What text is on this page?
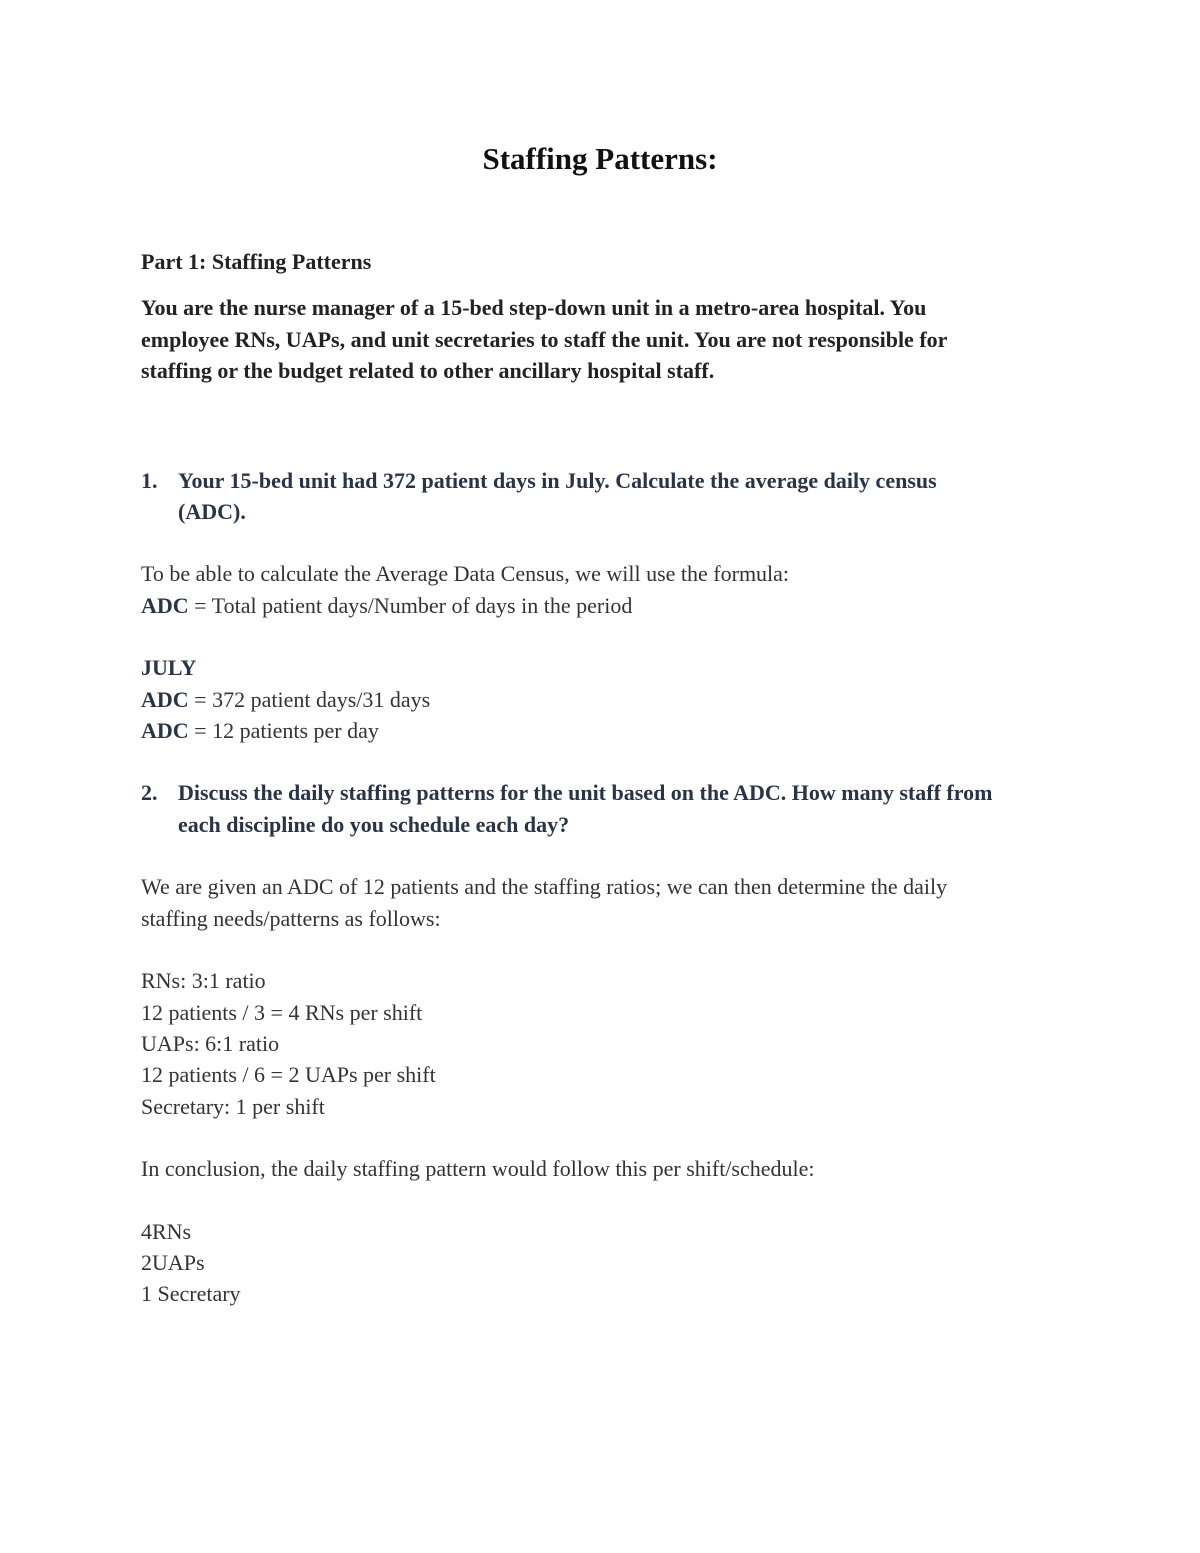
Staffing Patterns:

Part 1: Staffing Patterns

You are the nurse manager of a 15-bed step-down unit in a metro-area hospital. You

employee RNs, UAPs, and unit secretaries to staff the unit. You are not responsible for

staffing or the budget related to other ancillary hospital staff.

1. Your 15-bed unit had 372 patient days in July. Calculate the average daily census

(ADC).

To be able to calculate the Average Data Census, we will use the formula:

ADC = Total patient days/Number of days in the period

JULY

ADC = 372 patient days/31 days

ADC = 12 patients per day

2. Discuss the daily staffing patterns for the unit based on the ADC. How many staff from

each discipline do you schedule each day?

We are given an ADC of 12 patients and the staffing ratios; we can then determine the daily

staffing needs/patterns as follows:

RNs: 3:1 ratio

12 patients / 3 = 4 RNs per shift

UAPs: 6:1 ratio

12 patients / 6 = 2 UAPs per shift

Secretary: 1 per shift

In conclusion, the daily staffing pattern would follow this per shift/schedule:

4RNs

2UAPs

1 Secretary
